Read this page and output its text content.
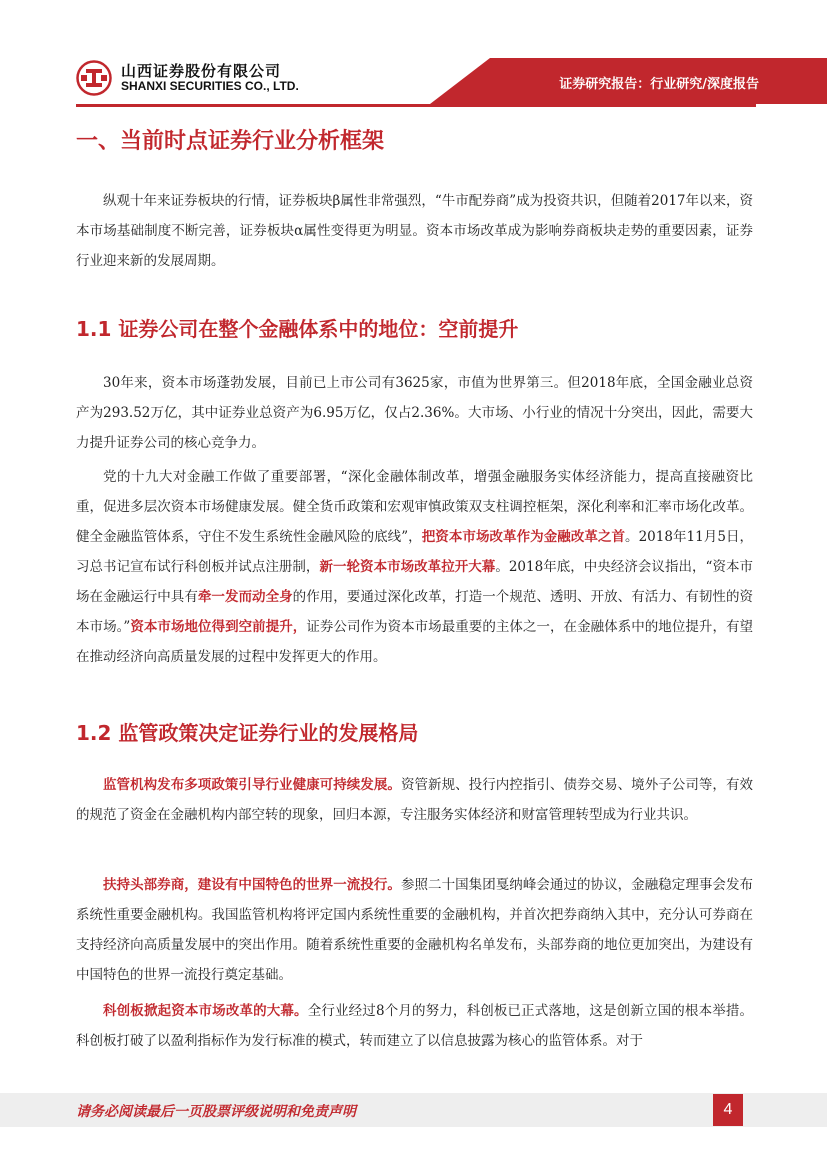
山西证券股份有限公司
SHANXI SECURITIES CO., LTD.	证券研究报告：行业研究/深度报告
一、当前时点证券行业分析框架

纵观十年来证券板块的行情，证券板块β属性非常强烈，“牛市配券商”成为投资共识，但随着2017年以来，资本市场基础制度不断完善，证券板块α属性变得更为明显。资本市场改革成为影响券商板块走势的重要因素，证券行业迎来新的发展周期。

1.1 证券公司在整个金融体系中的地位：空前提升

30年来，资本市场蓬勃发展，目前已上市公司有3625家，市值为世界第三。但2018年底，全国金融业总资产为293.52万亿，其中证券业总资产为6.95万亿，仅占2.36%。大市场、小行业的情况十分突出，因此，需要大力提升证券公司的核心竞争力。

党的十九大对金融工作做了重要部署，“深化金融体制改革，增强金融服务实体经济能力，提高直接融资比重，促进多层次资本市场健康发展。健全货币政策和宏观审慎政策双支柱调控框架，深化利率和汇率市场化改革。健全金融监管体系，守住不发生系统性金融风险的底线”，把资本市场改革作为金融改革之首。2018年11月5日，习总书记宣布试行科创板并试点注册制，新一轮资本市场改革拉开大幕。2018年底，中央经济会议指出，“资本市场在金融运行中具有牵一发而动全身的作用，要通过深化改革，打造一个规范、透明、开放、有活力、有韧性的资本市场。”资本市场地位得到空前提升，证券公司作为资本市场最重要的主体之一，在金融体系中的地位提升，有望在推动经济向高质量发展的过程中发挥更大的作用。

1.2 监管政策决定证券行业的发展格局

监管机构发布多项政策引导行业健康可持续发展。资管新规、投行内控指引、债券交易、境外子公司等，有效的规范了资金在金融机构内部空转的现象，回归本源，专注服务实体经济和财富管理转型成为行业共识。

扶持头部券商，建设有中国特色的世界一流投行。参照二十国集团戛纳峰会通过的协议，金融稳定理事会发布系统性重要金融机构。我国监管机构将评定国内系统性重要的金融机构，并首次把券商纳入其中，充分认可券商在支持经济向高质量发展中的突出作用。随着系统性重要的金融机构名单发布，头部券商的地位更加突出，为建设有中国特色的世界一流投行奠定基础。

科创板掀起资本市场改革的大幕。全行业经过8个月的努力，科创板已正式落地，这是创新立国的根本举措。科创板打破了以盈利指标作为发行标准的模式，转而建立了以信息披露为核心的监管体系。对于

请务必阅读最后一页股票评级说明和免责声明	4
